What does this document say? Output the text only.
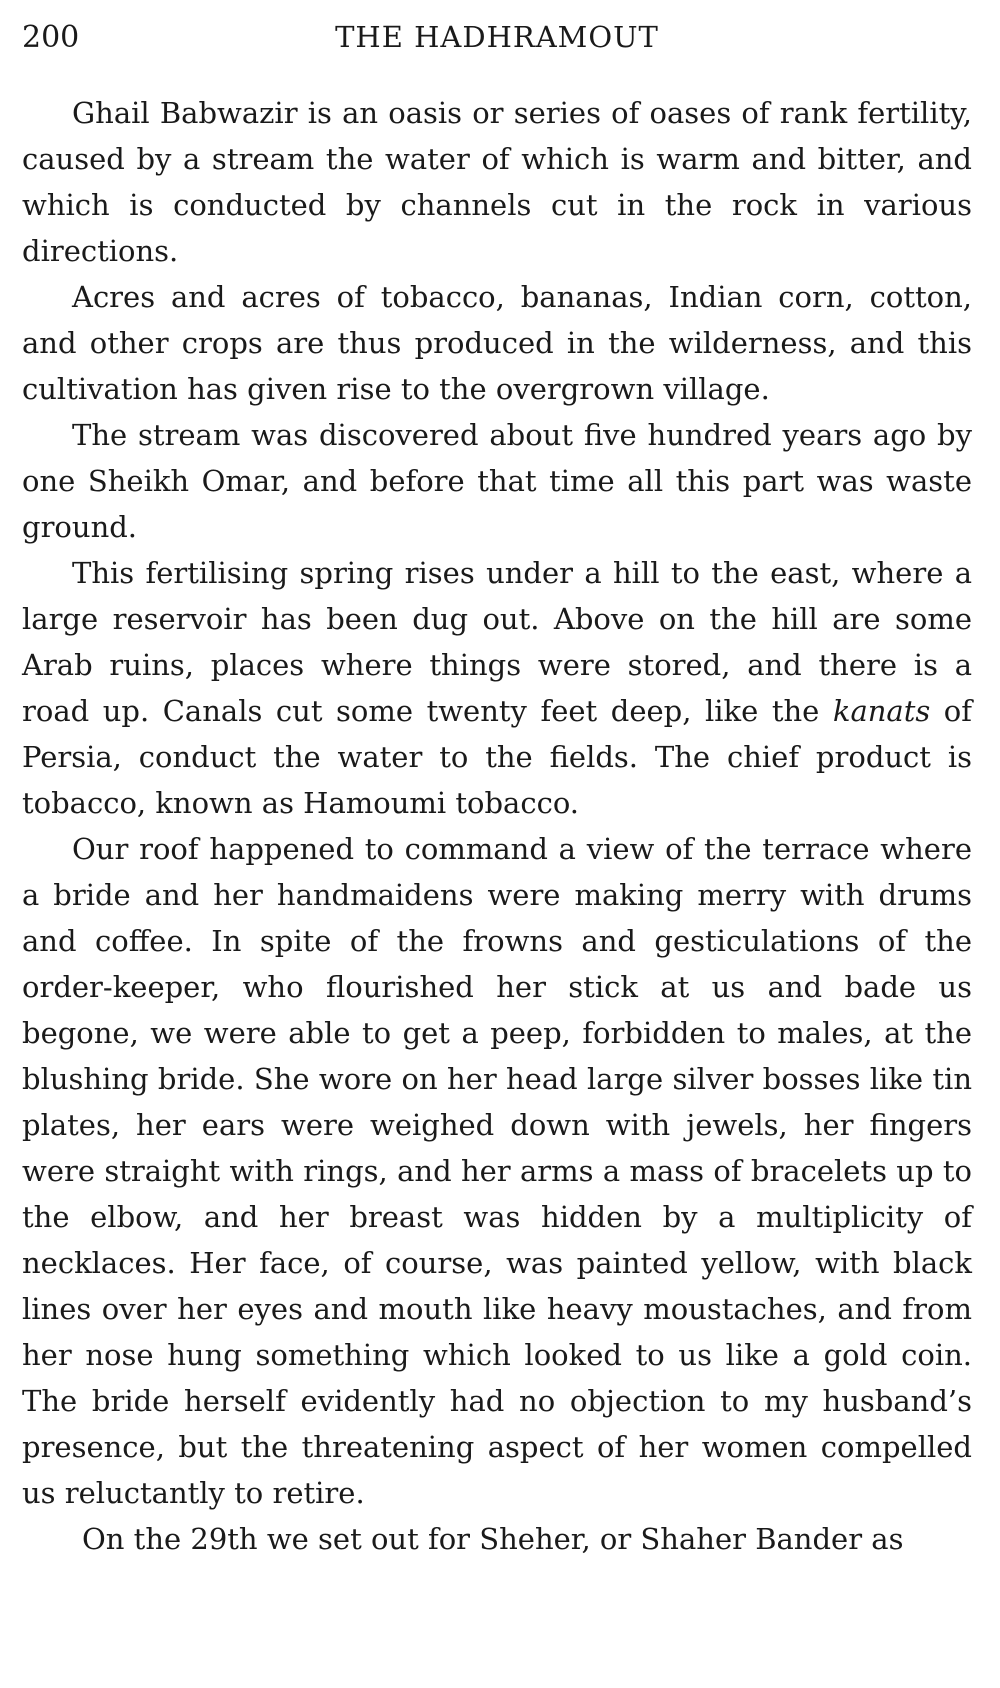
200	THE HADHRAMOUT

Ghail Babwazir is an oasis or series of oases of rank fertility, caused by a stream the water of which is warm and bitter, and which is conducted by channels cut in the rock in various directions.

Acres and acres of tobacco, bananas, Indian corn, cotton, and other crops are thus produced in the wilderness, and this cultivation has given rise to the overgrown village.

The stream was discovered about five hundred years ago by one Sheikh Omar, and before that time all this part was waste ground.

This fertilising spring rises under a hill to the east, where a large reservoir has been dug out. Above on the hill are some Arab ruins, places where things were stored, and there is a road up. Canals cut some twenty feet deep, like the kanats of Persia, conduct the water to the fields. The chief product is tobacco, known as Hamoumi tobacco.

Our roof happened to command a view of the terrace where a bride and her handmaidens were making merry with drums and coffee. In spite of the frowns and gesticulations of the order-keeper, who flourished her stick at us and bade us begone, we were able to get a peep, forbidden to males, at the blushing bride. She wore on her head large silver bosses like tin plates, her ears were weighed down with jewels, her fingers were straight with rings, and her arms a mass of bracelets up to the elbow, and her breast was hidden by a multiplicity of necklaces. Her face, of course, was painted yellow, with black lines over her eyes and mouth like heavy moustaches, and from her nose hung something which looked to us like a gold coin. The bride herself evidently had no objection to my husband’s presence, but the threatening aspect of her women compelled us reluctantly to retire.

On the 29th we set out for Sheher, or Shaher Bander as
